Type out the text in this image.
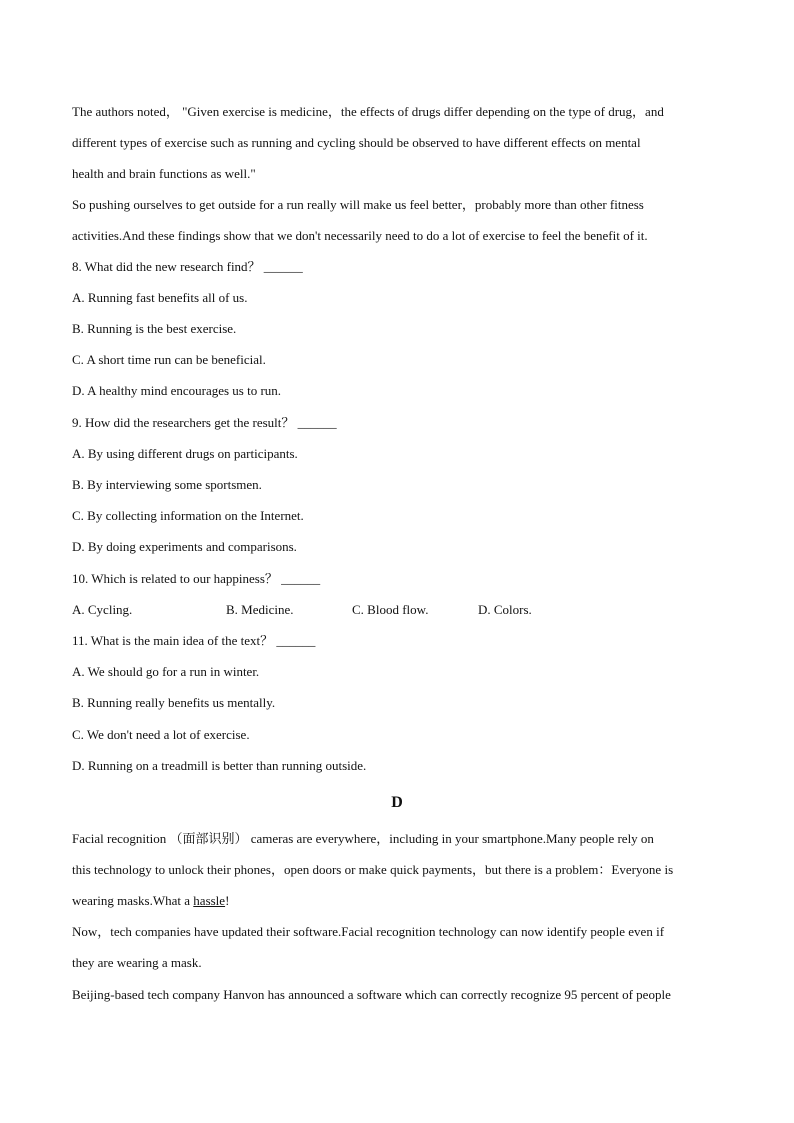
The authors noted， "Given exercise is medicine，the effects of drugs differ depending on the type of drug，and
different types of exercise such as running and cycling should be observed to have different effects on mental
health and brain functions as well."
So pushing ourselves to get outside for a run really will make us feel better，probably more than other fitness
activities.And these findings show that we don't necessarily need to do a lot of exercise to feel the benefit of it.
8. What did the new research find？ ______
A. Running fast benefits all of us.
B. Running is the best exercise.
C. A short time run can be beneficial.
D. A healthy mind encourages us to run.
9. How did the researchers get the result？ ______
A. By using different drugs on participants.
B. By interviewing some sportsmen.
C. By collecting information on the Internet.
D. By doing experiments and comparisons.
10. Which is related to our happiness？ ______
A. Cycling.	B. Medicine.	C. Blood flow.	D. Colors.
11. What is the main idea of the text？ ______
A. We should go for a run in winter.
B. Running really benefits us mentally.
C. We don't need a lot of exercise.
D. Running on a treadmill is better than running outside.
D
Facial recognition （面部识别） cameras are everywhere，including in your smartphone.Many people rely on
this technology to unlock their phones，open doors or make quick payments，but there is a problem：Everyone is
wearing masks.What a hassle!
Now，tech companies have updated their software.Facial recognition technology can now identify people even if
they are wearing a mask.
Beijing-based tech company Hanvon has announced a software which can correctly recognize 95 percent of people
